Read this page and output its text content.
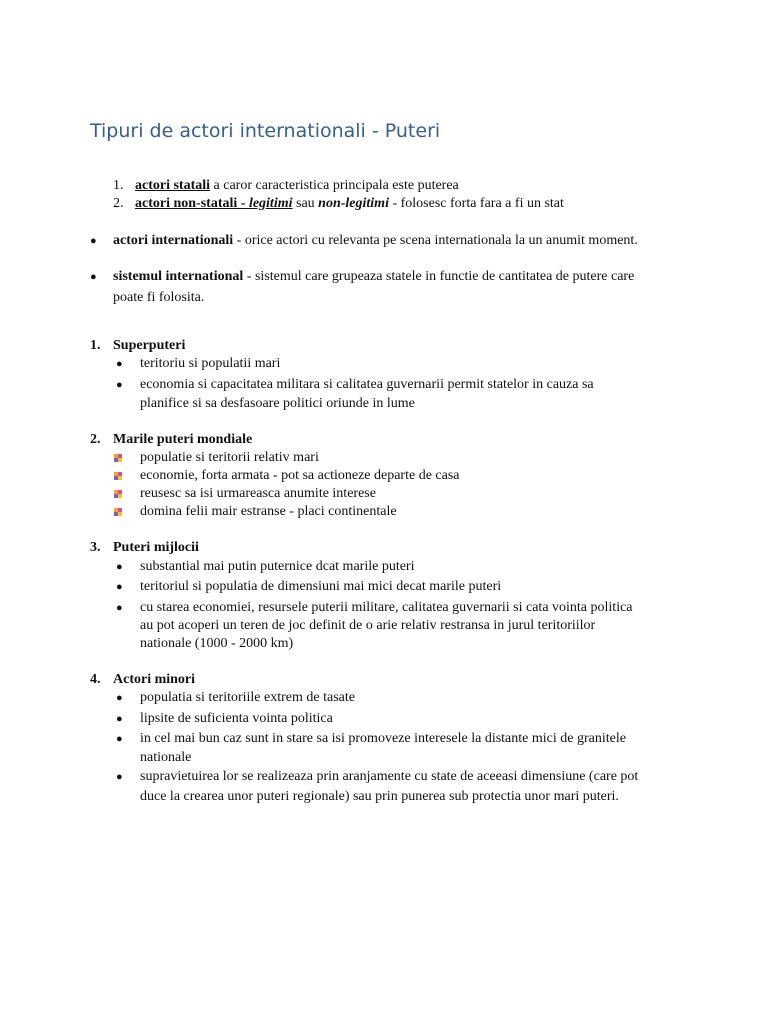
Tipuri de actori internationali - Puteri
1. actori statali a caror caracteristica principala este puterea
2. actori non-statali - legitimi sau non-legitimi - folosesc forta fara a fi un stat
● actori internationali - orice actori cu relevanta pe scena internationala la un anumit moment.
● sistemul international - sistemul care grupeaza statele in functie de cantitatea de putere care
poate fi folosita.
1. Superputeri
● teritoriu si populatii mari
● economia si capacitatea militara si calitatea guvernarii permit statelor in cauza sa
planifice si sa desfasoare politici oriunde in lume
2. Marile puteri mondiale
populatie si teritorii relativ mari
economie, forta armata - pot sa actioneze departe de casa
reusesc sa isi urmareasca anumite interese
domina felii mair estranse - placi continentale
3. Puteri mijlocii
● substantial mai putin puternice dcat marile puteri
● teritoriul si populatia de dimensiuni mai mici decat marile puteri
● cu starea economiei, resursele puterii militare, calitatea guvernarii si cata vointa politica
au pot acoperi un teren de joc definit de o arie relativ restransa in jurul teritoriilor
nationale (1000 - 2000 km)
4. Actori minori
● populatia si teritoriile extrem de tasate
● lipsite de suficienta vointa politica
● in cel mai bun caz sunt in stare sa isi promoveze interesele la distante mici de granitele
nationale
● supravietuirea lor se realizeaza prin aranjamente cu state de aceeasi dimensiune (care pot
duce la crearea unor puteri regionale) sau prin punerea sub protectia unor mari puteri.
